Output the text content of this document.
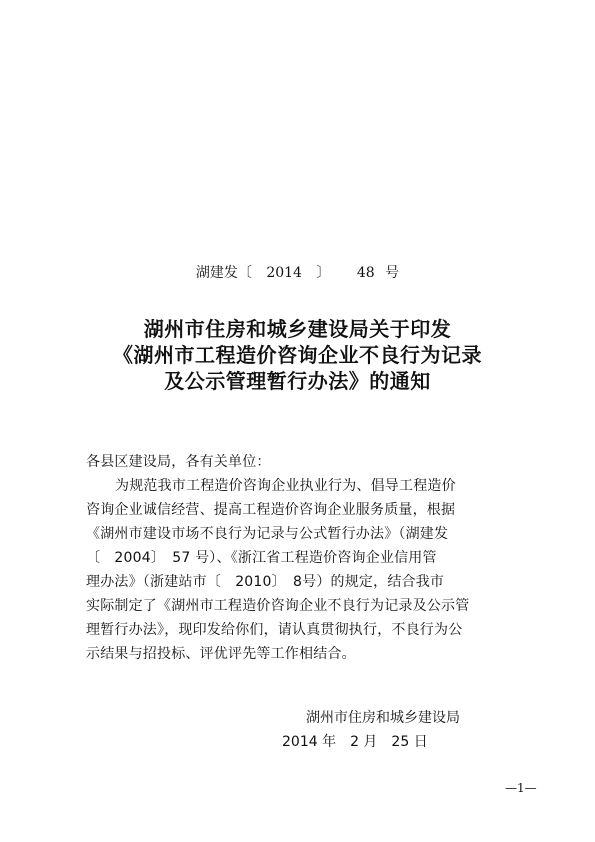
湖建发〔 2014 〕 48 号
湖州市住房和城乡建设局关于印发
《湖州市工程造价咨询企业不良行为记录
及公示管理暂行办法》的通知
各县区建设局，各有关单位：
为规范我市工程造价咨询企业执业行为、倡导工程造价
咨询企业诚信经营、提高工程造价咨询企业服务质量，根据
《湖州市建设市场不良行为记录与公式暂行办法》（湖建发
〔　2004〕　57 号）、《浙江省工程造价咨询企业信用管
理办法》（浙建站市〔　2010〕　8号）的规定，结合我市
实际制定了《湖州市工程造价咨询企业不良行为记录及公示管
理暂行办法》，现印发给你们，请认真贯彻执行，不良行为公
示结果与招投标、评优评先等工作相结合。
湖州市住房和城乡建设局
2014 年　2 月　25 日
—1—
